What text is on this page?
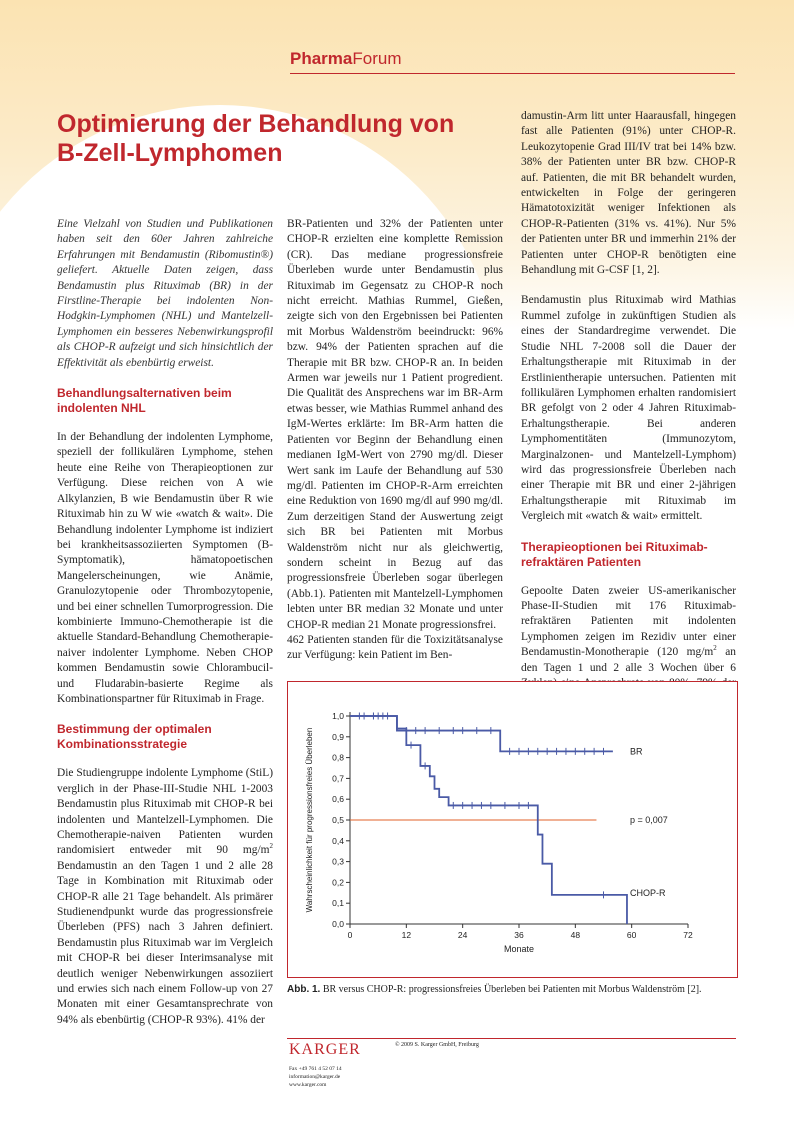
PharmaForum
Optimierung der Behandlung von
B-Zell-Lymphomen

Eine Vielzahl von Studien und Publikationen haben seit den 60er Jahren zahlreiche Erfahrungen mit Bendamustin (Ribomustin®) geliefert. Aktuelle Daten zeigen, dass Bendamustin plus Rituximab (BR) in der Firstline-Therapie bei indolenten Non-Hodgkin-Lymphomen (NHL) und Mantelzell-Lymphomen ein besseres Nebenwirkungsprofil als CHOP-R aufzeigt und sich hinsichtlich der Effektivität als ebenbürtig erweist.

Behandlungsalternativen beim indolenten NHL

In der Behandlung der indolenten Lymphome, speziell der follikulären Lymphome, stehen heute eine Reihe von Therapieoptionen zur Verfügung. Diese reichen von A wie Alkylanzien, B wie Bendamustin über R wie Rituximab hin zu W wie «watch & wait». Die Behandlung indolenter Lymphome ist indiziert bei krankheitsassoziierten Symptomen (B-Symptomatik), hämatopoetischen Mangelerscheinungen, wie Anämie, Granulozytopenie oder Thrombozytopenie, und bei einer schnellen Tumorprogression. Die kombinierte Immuno-Chemotherapie ist die aktuelle Standard-Behandlung Chemotherapie-naiver indolenter Lymphome. Neben CHOP kommen Bendamustin sowie Chlorambucil- und Fludarabin-basierte Regime als Kombinationspartner für Rituximab in Frage.

Bestimmung der optimalen Kombinationsstrategie

Die Studiengruppe indolente Lymphome (StiL) verglich in der Phase-III-Studie NHL 1-2003 Bendamustin plus Rituximab mit CHOP-R bei indolenten und Mantelzell-Lymphomen. Die Chemotherapie-naiven Patienten wurden randomisiert entweder mit 90 $mg/m^2$ Bendamustin an den Tagen 1 und 2 alle 28 Tage in Kombination mit Rituximab oder CHOP-R alle 21 Tage behandelt. Als primärer Studienendpunkt wurde das progressionsfreie Überleben (PFS) nach 3 Jahren definiert. Bendamustin plus Rituximab war im Vergleich mit CHOP-R bei dieser Interimsanalyse mit deutlich weniger Nebenwirkungen assoziiert und erwies sich nach einem Follow-up von 27 Monaten mit einer Gesamtansprechrate von 94% als ebenbürtig (CHOP-R 93%). 41% der

BR-Patienten und 32% der Patienten unter CHOP-R erzielten eine komplette Remission (CR). Das mediane progressionsfreie Überleben wurde unter Bendamustin plus Rituximab im Gegensatz zu CHOP-R noch nicht erreicht. Mathias Rummel, Gießen, zeigte sich von den Ergebnissen bei Patienten mit Morbus Waldenström beeindruckt: 96% bzw. 94% der Patienten sprachen auf die Therapie mit BR bzw. CHOP-R an. In beiden Armen war jeweils nur 1 Patient progredient. Die Qualität des Ansprechens war im BR-Arm etwas besser, wie Mathias Rummel anhand des IgM-Wertes erklärte: Im BR-Arm hatten die Patienten vor Beginn der Behandlung einen medianen IgM-Wert von 2790 mg/dl. Dieser Wert sank im Laufe der Behandlung auf 530 mg/dl. Patienten im CHOP-R-Arm erreichten eine Reduktion von 1690 mg/dl auf 990 mg/dl. Zum derzeitigen Stand der Auswertung zeigt sich BR bei Patienten mit Morbus Waldenström nicht nur als gleichwertig, sondern scheint in Bezug auf das progressionsfreie Überleben sogar überlegen (Abb.1). Patienten mit Mantelzell-Lymphomen lebten unter BR median 32 Monate und unter CHOP-R median 21 Monate progressionsfrei.

462 Patienten standen für die Toxizitätsanalyse zur Verfügung: kein Patient im Ben-

damustin-Arm litt unter Haarausfall, hingegen fast alle Patienten (91%) unter CHOP-R. Leukozytopenie Grad III/IV trat bei 14% bzw. 38% der Patienten unter BR bzw. CHOP-R auf. Patienten, die mit BR behandelt wurden, entwickelten in Folge der geringeren Hämatotoxizität weniger Infektionen als CHOP-R-Patienten (31% vs. 41%). Nur 5% der Patienten unter BR und immerhin 21% der Patienten unter CHOP-R benötigten eine Behandlung mit G-CSF [1, 2].

Bendamustin plus Rituximab wird Mathias Rummel zufolge in zukünftigen Studien als eines der Standardregime verwendet. Die Studie NHL 7-2008 soll die Dauer der Erhaltungstherapie mit Rituximab in der Erstlinientherapie untersuchen. Patienten mit follikulären Lymphomen erhalten randomisiert BR gefolgt von 2 oder 4 Jahren Rituximab-Erhaltungstherapie. Bei anderen Lymphomentitäten (Immunozytom, Marginalzonen- und Mantelzell-Lymphom) wird das progressionsfreie Überleben nach einer Therapie mit BR und einer 2-jährigen Erhaltungstherapie mit Rituximab im Vergleich mit «watch & wait» ermittelt.

Therapieoptionen bei Rituximab-refraktären Patienten

Gepoolte Daten zweier US-amerikanischer Phase-II-Studien mit 176 Rituximab-refraktären Patienten mit indolenten Lymphomen zeigen im Rezidiv unter einer Bendamustin-Monotherapie (120 $mg/m^2$ an den Tagen 1 und 2 alle 3 Wochen über 6

0,0
0,1
0,2
0,3
0,4
0,5
0,6
0,7
0,8
0,9
1,0
0	12	24	36	48	60	72
Monate
Wahrscheinlichkeit für progressionsfreies Überleben	BR
CHOP-R
p = 0,007
Abb. 1. BR versus CHOP-R: progressionsfreies Überleben bei Patienten mit Morbus Waldenström [2].
KARGER	© 2009 S. Karger GmbH, Freiburg
Fax +49 761 4 52 07 14
information@karger.de
www.karger.com
